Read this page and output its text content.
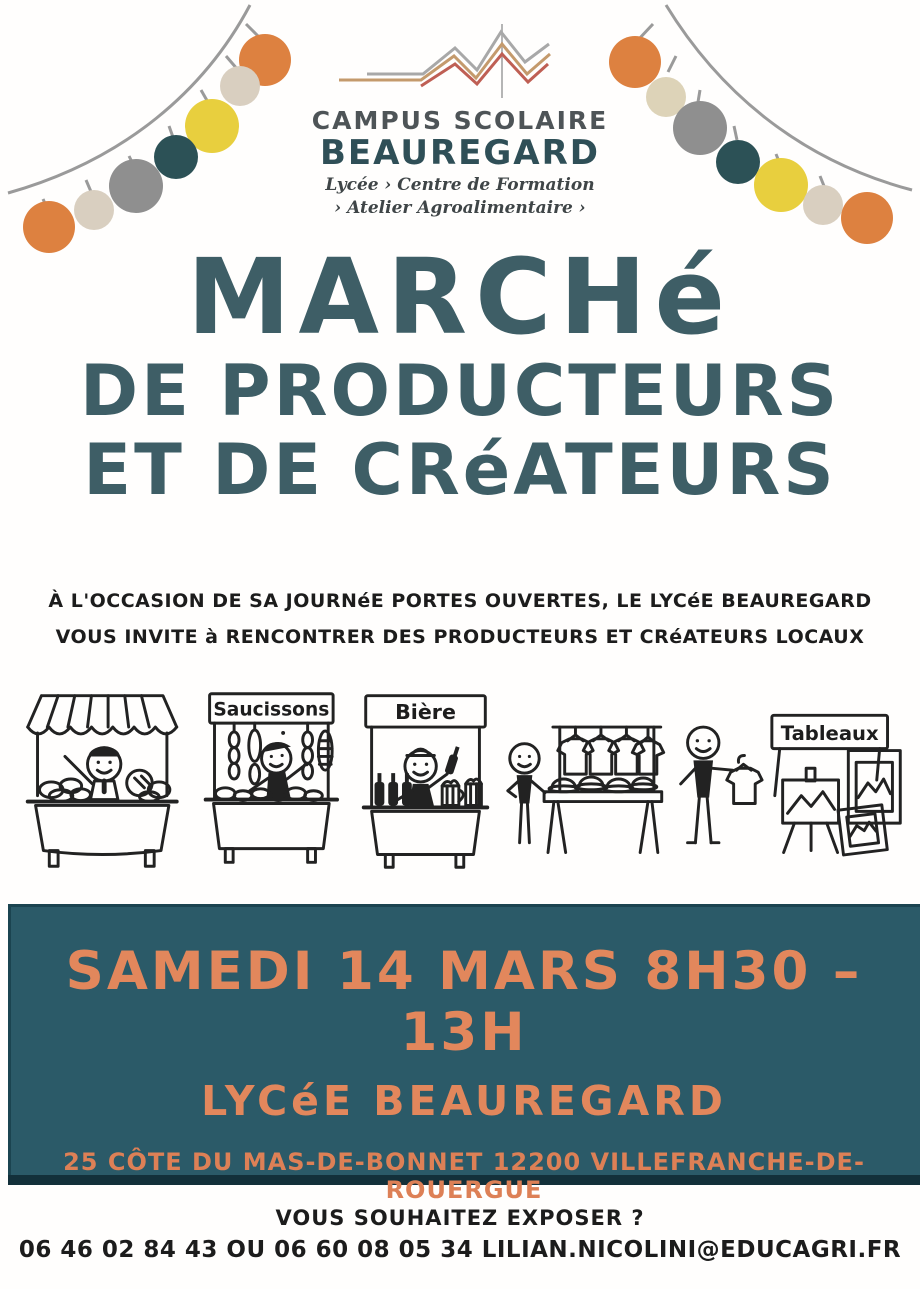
CAMPUS SCOLAIRE
BEAUREGARD
Lycée › Centre de Formation
› Atelier Agroalimentaire ›
MARCHé
DE PRODUCTEURS
ET DE CRéATEURS
À L'OCCASION DE SA JOURNéE PORTES OUVERTES, LE LYCéE BEAUREGARD
VOUS INVITE à RENCONTRER DES PRODUCTEURS ET CRéATEURS LOCAUX
Saucissons	Bière
Tableaux
SAMEDI 14 MARS 8H30 – 13H
LYCéE BEAUREGARD
25 CÔTE DU MAS-DE-BONNET 12200 VILLEFRANCHE-DE-ROUERGUE
VOUS SOUHAITEZ EXPOSER ?
06 46 02 84 43 OU 06 60 08 05 34 LILIAN.NICOLINI@EDUCAGRI.FR
